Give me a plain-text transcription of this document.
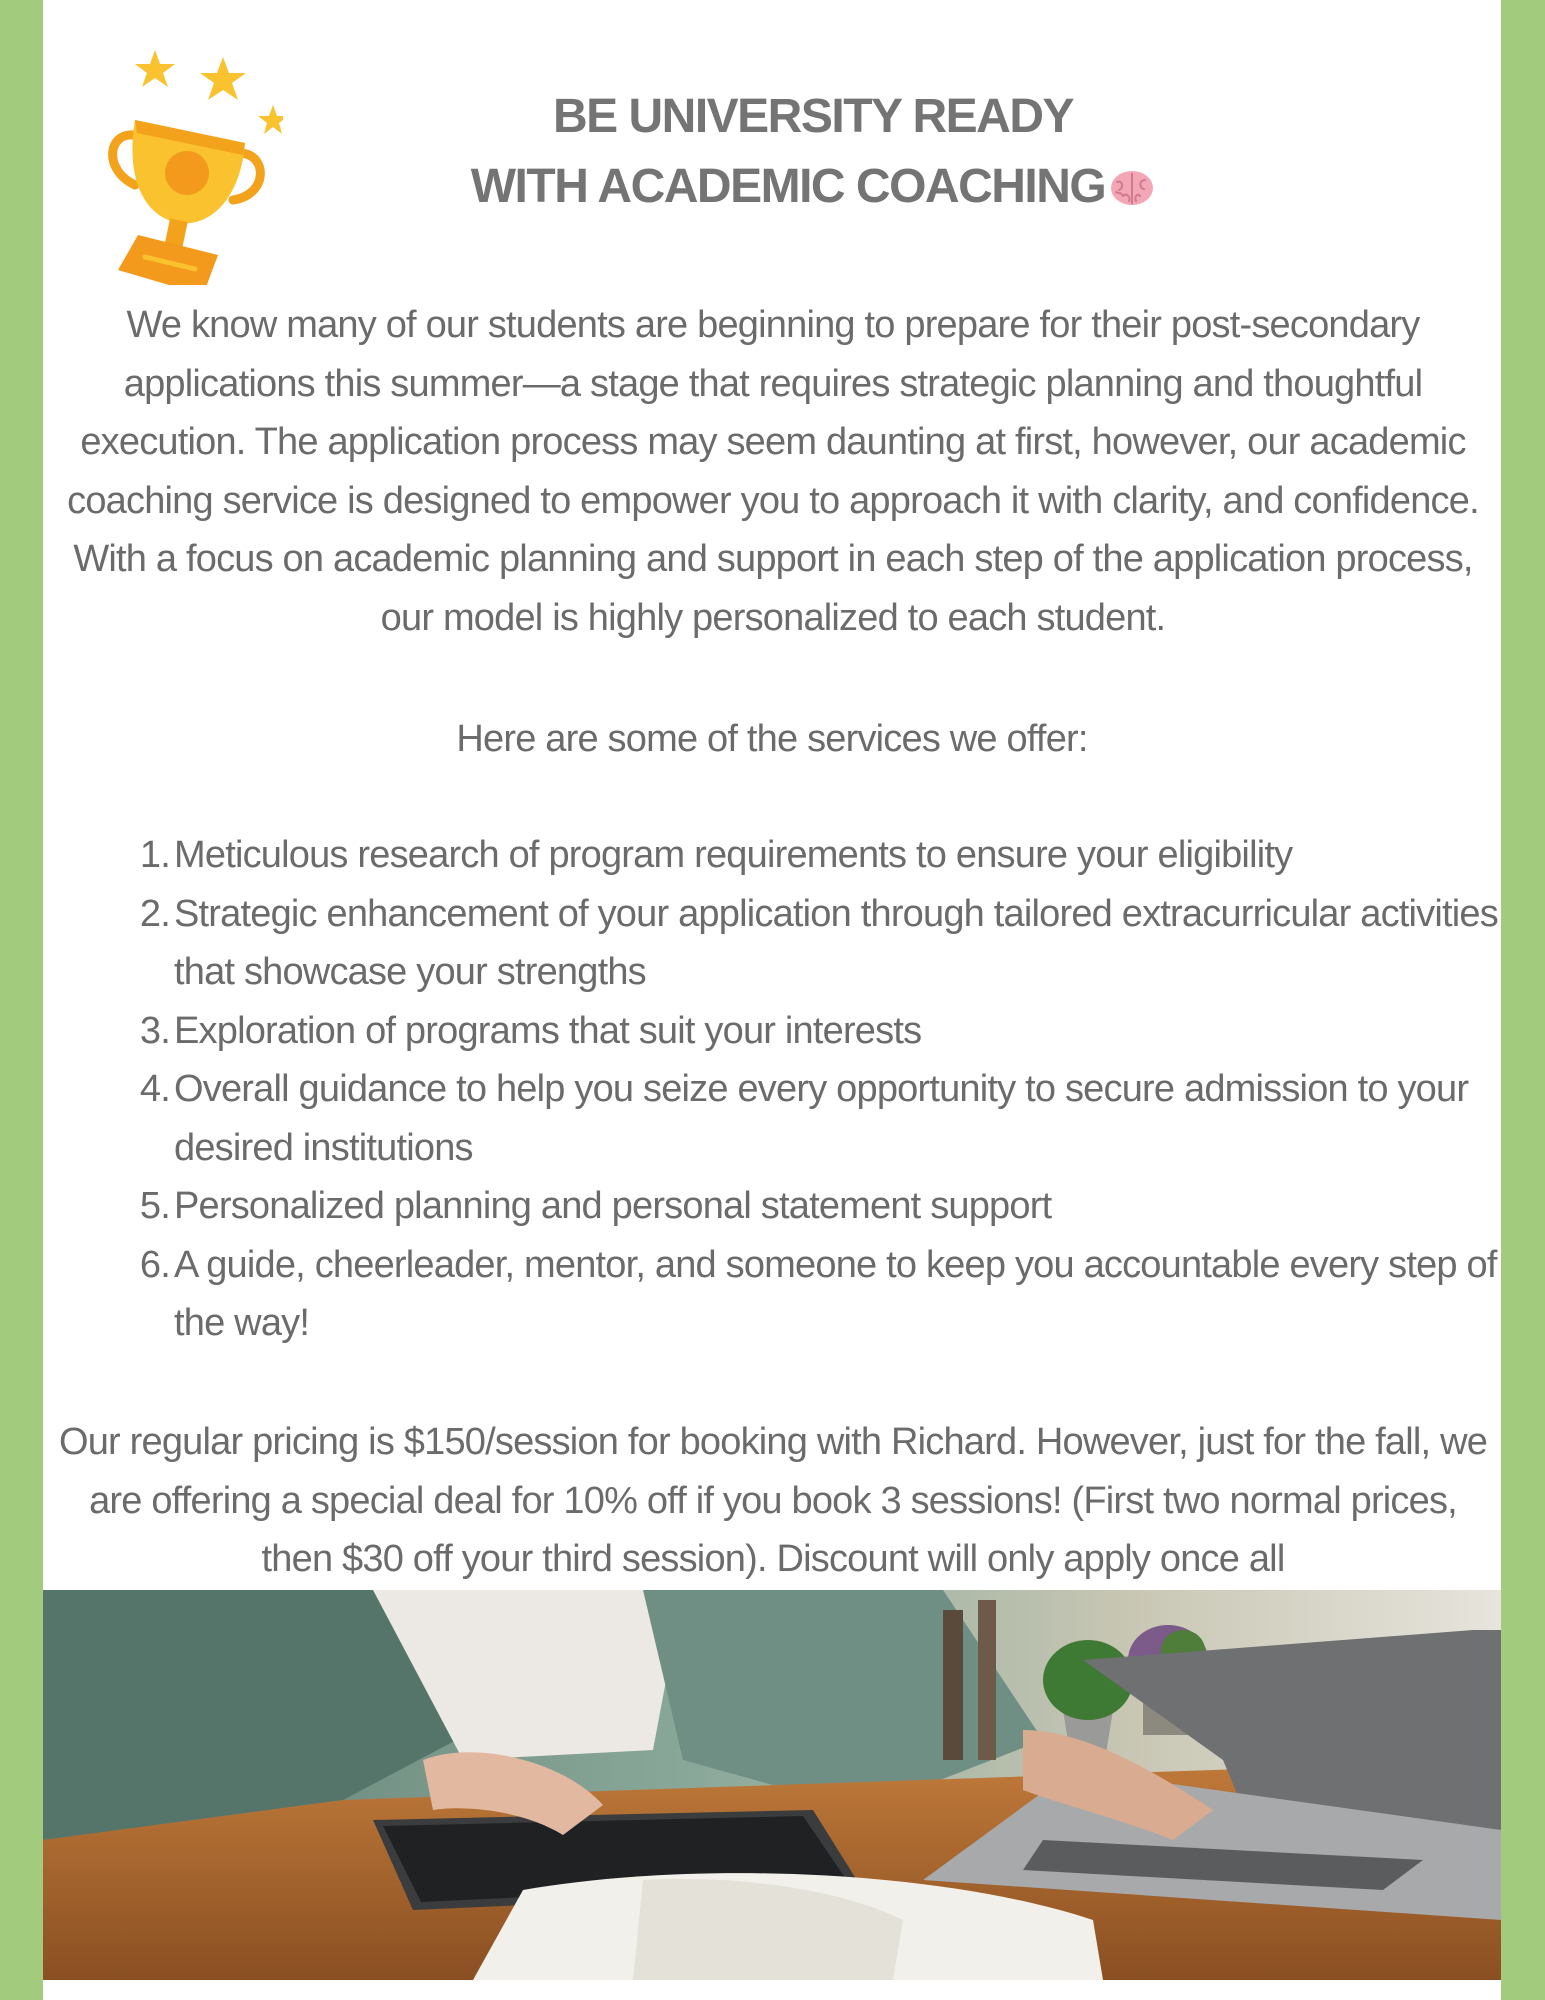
BE UNIVERSITY READY
WITH ACADEMIC COACHING

We know many of our students are beginning to prepare for their post-secondary applications this summer—a stage that requires strategic planning and thoughtful execution. The application process may seem daunting at first, however, our academic coaching service is designed to empower you to approach it with clarity, and confidence. With a focus on academic planning and support in each step of the application process, our model is highly personalized to each student.

Here are some of the services we offer:

1. Meticulous research of program requirements to ensure your eligibility
2. Strategic enhancement of your application through tailored extracurricular activities that showcase your strengths
3. Exploration of programs that suit your interests
4. Overall guidance to help you seize every opportunity to secure admission to your desired institutions
5. Personalized planning and personal statement support
6. A guide, cheerleader, mentor, and someone to keep you accountable every step of the way!

Our regular pricing is $150/session for booking with Richard. However, just for the fall, we are offering a special deal for 10% off if you book 3 sessions! (First two normal prices, then $30 off your third session). Discount will only apply once all
